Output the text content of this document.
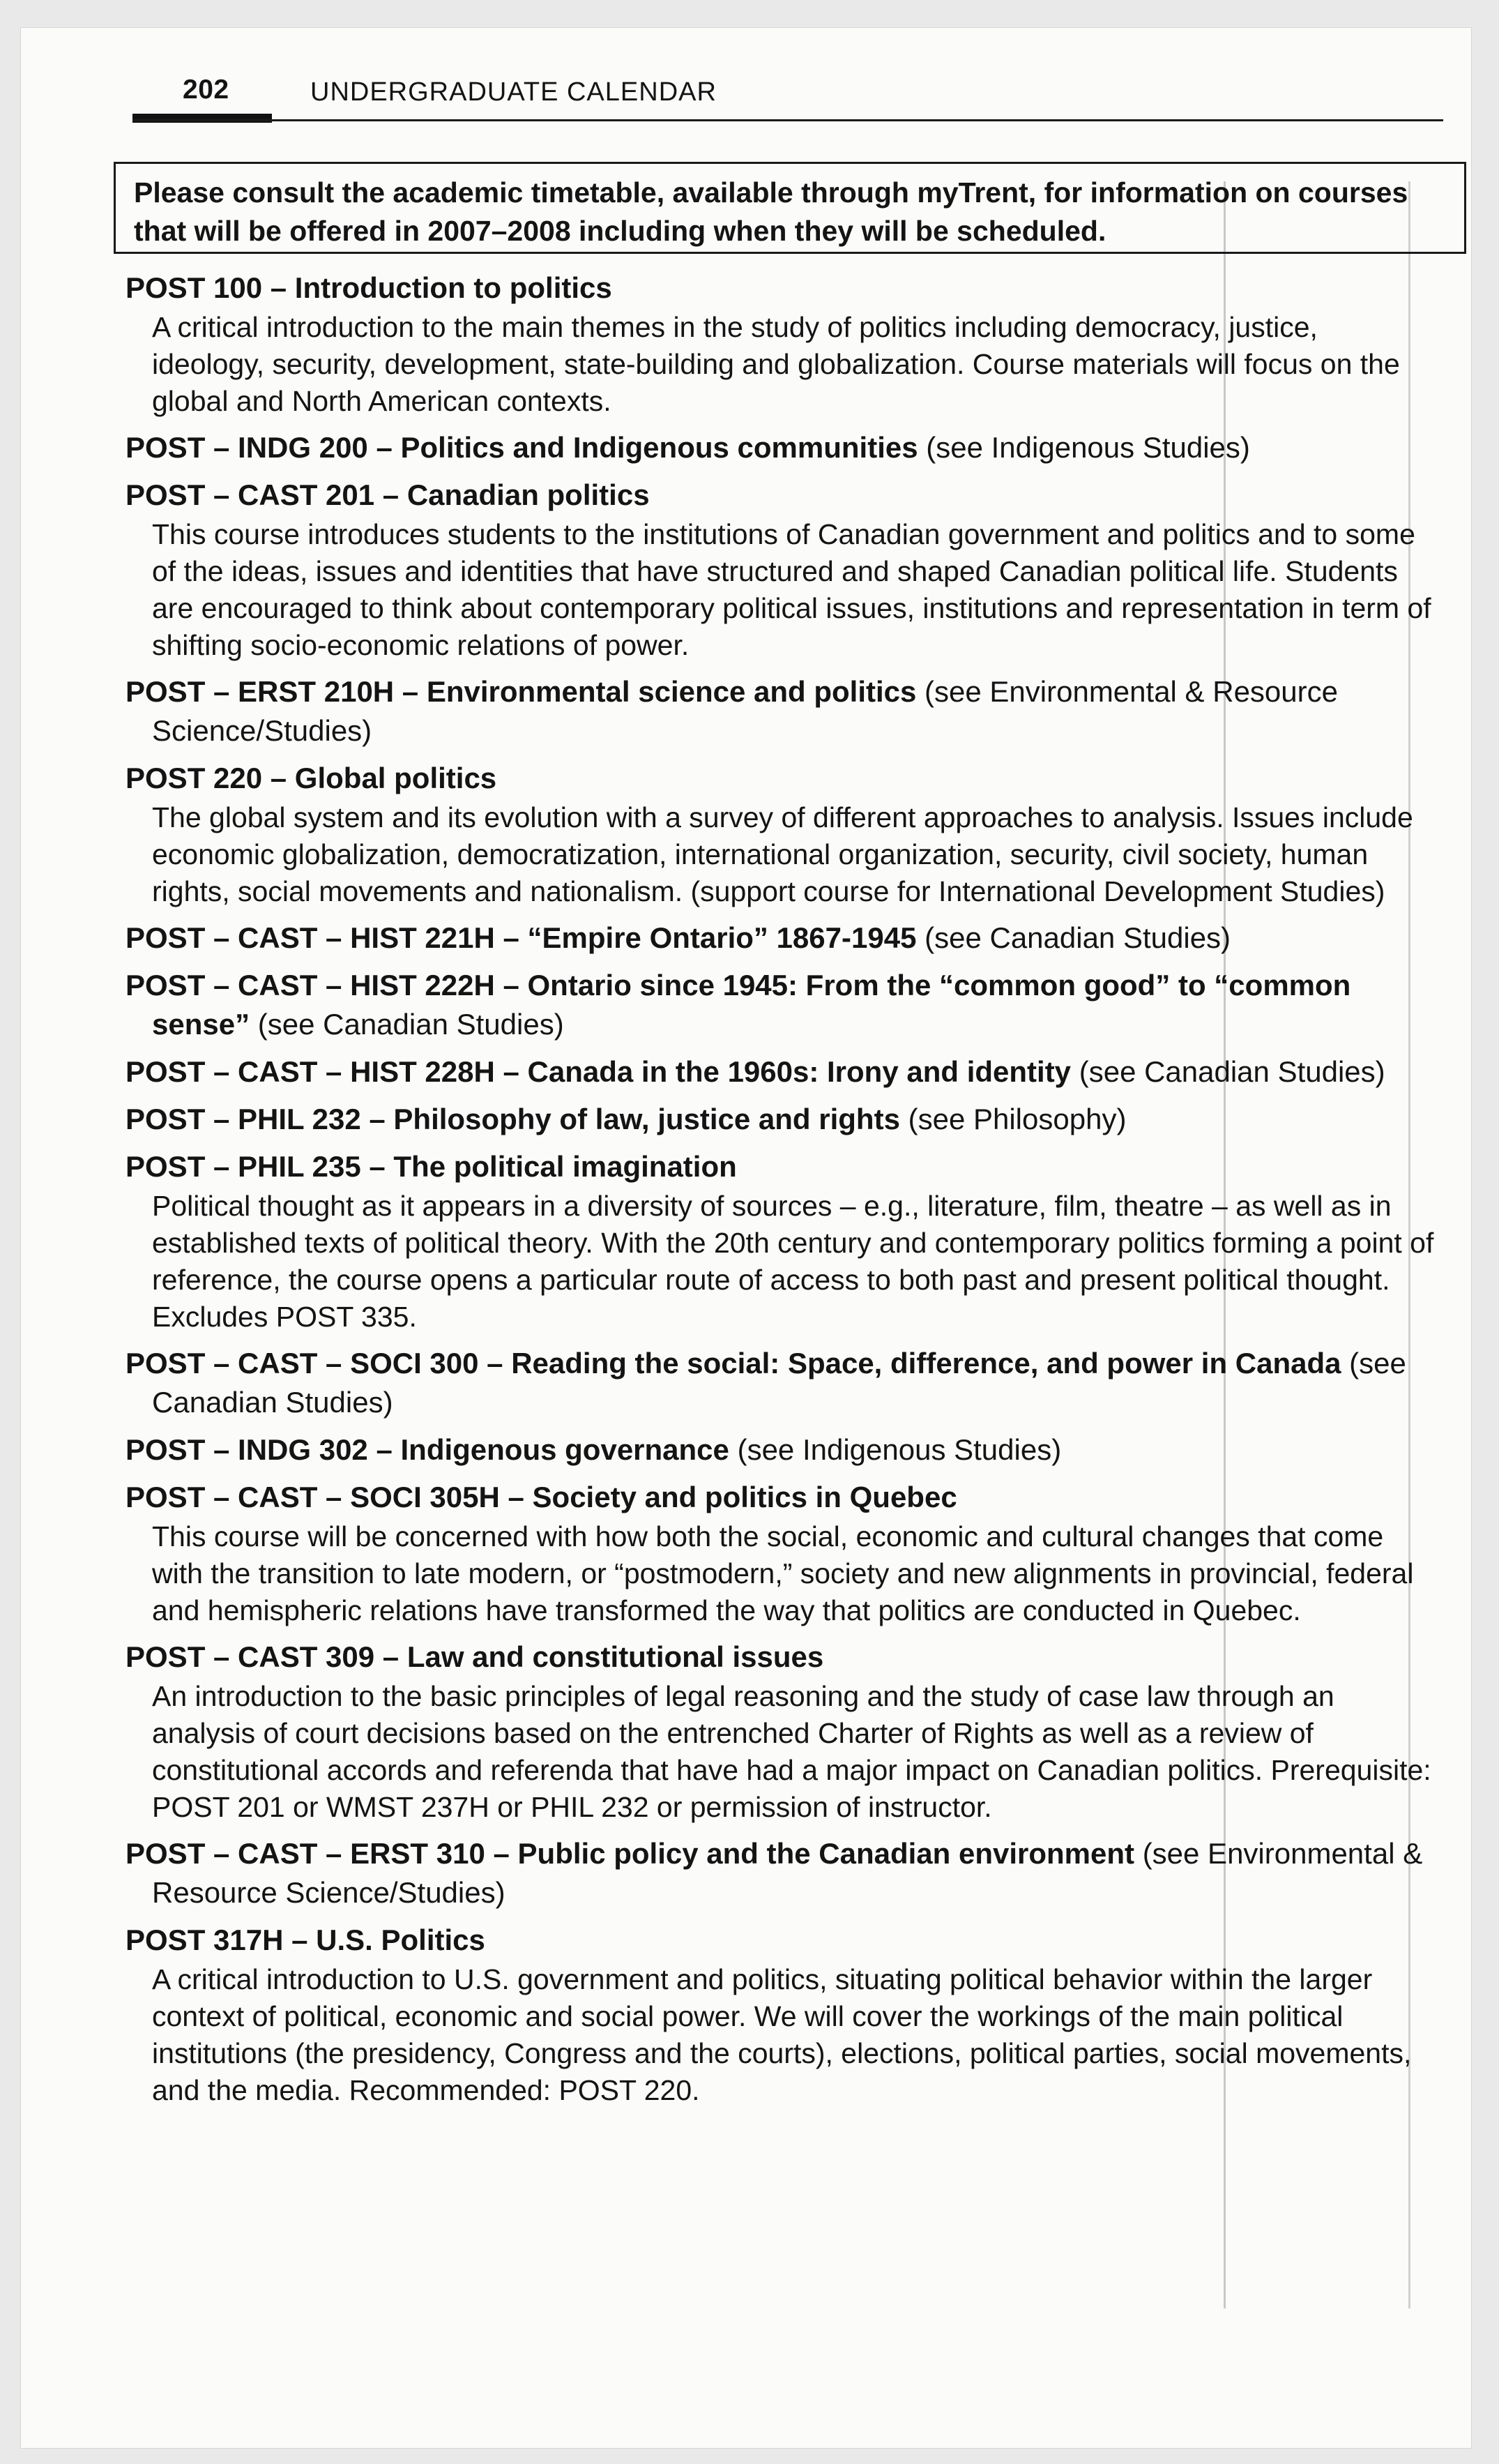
202	UNDERGRADUATE CALENDAR
Please consult the academic timetable, available through myTrent, for information on courses that will be offered in 2007–2008 including when they will be scheduled.
POST 100 – Introduction to politics
A critical introduction to the main themes in the study of politics including democracy, justice, ideology, security, development, state-building and globalization. Course materials will focus on the global and North American contexts.
POST – INDG 200 – Politics and Indigenous communities (see Indigenous Studies)
POST – CAST 201 – Canadian politics
This course introduces students to the institutions of Canadian government and politics and to some of the ideas, issues and identities that have structured and shaped Canadian political life. Students are encouraged to think about contemporary political issues, institutions and representation in term of shifting socio-economic relations of power.
POST – ERST 210H – Environmental science and politics (see Environmental & Resource Science/Studies)
POST 220 – Global politics
The global system and its evolution with a survey of different approaches to analysis. Issues include economic globalization, democratization, international organization, security, civil society, human rights, social movements and nationalism. (support course for International Development Studies)
POST – CAST – HIST 221H – “Empire Ontario” 1867-1945 (see Canadian Studies)
POST – CAST – HIST 222H – Ontario since 1945: From the “common good” to “common sense” (see Canadian Studies)
POST – CAST – HIST 228H – Canada in the 1960s: Irony and identity (see Canadian Studies)
POST – PHIL 232 – Philosophy of law, justice and rights (see Philosophy)
POST – PHIL 235 – The political imagination
Political thought as it appears in a diversity of sources – e.g., literature, film, theatre – as well as in established texts of political theory. With the 20th century and contemporary politics forming a point of reference, the course opens a particular route of access to both past and present political thought. Excludes POST 335.
POST – CAST – SOCI 300 – Reading the social: Space, difference, and power in Canada (see Canadian Studies)
POST – INDG 302 – Indigenous governance (see Indigenous Studies)
POST – CAST – SOCI 305H – Society and politics in Quebec
This course will be concerned with how both the social, economic and cultural changes that come with the transition to late modern, or “postmodern,” society and new alignments in provincial, federal and hemispheric relations have transformed the way that politics are conducted in Quebec.
POST – CAST 309 – Law and constitutional issues
An introduction to the basic principles of legal reasoning and the study of case law through an analysis of court decisions based on the entrenched Charter of Rights as well as a review of constitutional accords and referenda that have had a major impact on Canadian politics. Prerequisite: POST 201 or WMST 237H or PHIL 232 or permission of instructor.
POST – CAST – ERST 310 – Public policy and the Canadian environment (see Environmental & Resource Science/Studies)
POST 317H – U.S. Politics
A critical introduction to U.S. government and politics, situating political behavior within the larger context of political, economic and social power. We will cover the workings of the main political institutions (the presidency, Congress and the courts), elections, political parties, social movements, and the media. Recommended: POST 220.
